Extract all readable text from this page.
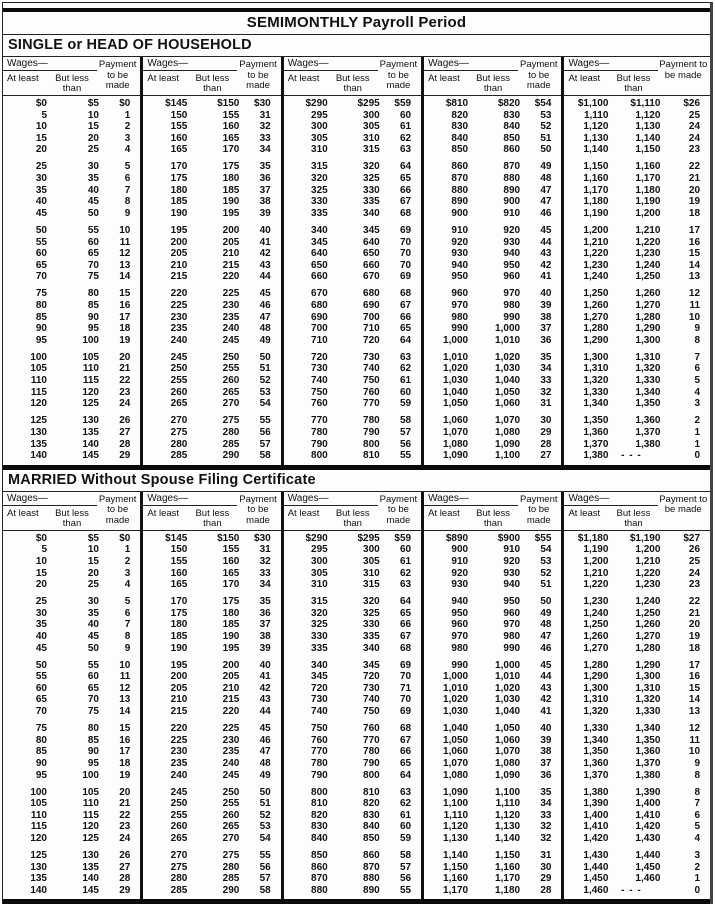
SEMIMONTHLY Payroll Period
SINGLE or HEAD OF HOUSEHOLD
Wages—
At least	But less than
Payment to be made
$0	$5	$0
5	10	1
10	15	2
15	20	3
20	25	4
25	30	5
30	35	6
35	40	7
40	45	8
45	50	9
50	55	10
55	60	11
60	65	12
65	70	13
70	75	14
75	80	15
80	85	16
85	90	17
90	95	18
95	100	19
100	105	20
105	110	21
110	115	22
115	120	23
120	125	24
125	130	26
130	135	27
135	140	28
140	145	29
Wages—
At least	But less than
Payment to be made
$145	$150	$30
150	155	31
155	160	32
160	165	33
165	170	34
170	175	35
175	180	36
180	185	37
185	190	38
190	195	39
195	200	40
200	205	41
205	210	42
210	215	43
215	220	44
220	225	45
225	230	46
230	235	47
235	240	48
240	245	49
245	250	50
250	255	51
255	260	52
260	265	53
265	270	54
270	275	55
275	280	56
280	285	57
285	290	58
Wages—
At least	But less than
Payment to be made
$290	$295	$59
295	300	60
300	305	61
305	310	62
310	315	63
315	320	64
320	325	65
325	330	66
330	335	67
335	340	68
340	345	69
345	640	70
640	650	70
650	660	70
660	670	69
670	680	68
680	690	67
690	700	66
700	710	65
710	720	64
720	730	63
730	740	62
740	750	61
750	760	60
760	770	59
770	780	58
780	790	57
790	800	56
800	810	55
Wages—
At least	But less than
Payment to be made
$810	$820	$54
820	830	53
830	840	52
840	850	51
850	860	50
860	870	49
870	880	48
880	890	47
890	900	47
900	910	46
910	920	45
920	930	44
930	940	43
940	950	42
950	960	41
960	970	40
970	980	39
980	990	38
990	1,000	37
1,000	1,010	36
1,010	1,020	35
1,020	1,030	34
1,030	1,040	33
1,040	1,050	32
1,050	1,060	31
1,060	1,070	30
1,070	1,080	29
1,080	1,090	28
1,090	1,100	27
Wages—
At least	But less than
Payment to be made
$1,100	$1,110	$26
1,110	1,120	25
1,120	1,130	24
1,130	1,140	24
1,140	1,150	23
1,150	1,160	22
1,160	1,170	21
1,170	1,180	20
1,180	1,190	19
1,190	1,200	18
1,200	1,210	17
1,210	1,220	16
1,220	1,230	15
1,230	1,240	14
1,240	1,250	13
1,250	1,260	12
1,260	1,270	11
1,270	1,280	10
1,280	1,290	9
1,290	1,300	8
1,300	1,310	7
1,310	1,320	6
1,320	1,330	5
1,330	1,340	4
1,340	1,350	3
1,350	1,360	2
1,360	1,370	1
1,370	1,380	1
1,380	- - -	0
MARRIED Without Spouse Filing Certificate
Wages—
At least	But less than
Payment to be made
$0	$5	$0
5	10	1
10	15	2
15	20	3
20	25	4
25	30	5
30	35	6
35	40	7
40	45	8
45	50	9
50	55	10
55	60	11
60	65	12
65	70	13
70	75	14
75	80	15
80	85	16
85	90	17
90	95	18
95	100	19
100	105	20
105	110	21
110	115	22
115	120	23
120	125	24
125	130	26
130	135	27
135	140	28
140	145	29
Wages—
At least	But less than
Payment to be made
$145	$150	$30
150	155	31
155	160	32
160	165	33
165	170	34
170	175	35
175	180	36
180	185	37
185	190	38
190	195	39
195	200	40
200	205	41
205	210	42
210	215	43
215	220	44
220	225	45
225	230	46
230	235	47
235	240	48
240	245	49
245	250	50
250	255	51
255	260	52
260	265	53
265	270	54
270	275	55
275	280	56
280	285	57
285	290	58
Wages—
At least	But less than
Payment to be made
$290	$295	$59
295	300	60
300	305	61
305	310	62
310	315	63
315	320	64
320	325	65
325	330	66
330	335	67
335	340	68
340	345	69
345	720	70
720	730	71
730	740	70
740	750	69
750	760	68
760	770	67
770	780	66
780	790	65
790	800	64
800	810	63
810	820	62
820	830	61
830	840	60
840	850	59
850	860	58
860	870	57
870	880	56
880	890	55
Wages—
At least	But less than
Payment to be made
$890	$900	$55
900	910	54
910	920	53
920	930	52
930	940	51
940	950	50
950	960	49
960	970	48
970	980	47
980	990	46
990	1,000	45
1,000	1,010	44
1,010	1,020	43
1,020	1,030	42
1,030	1,040	41
1,040	1,050	40
1,050	1,060	39
1,060	1,070	38
1,070	1,080	37
1,080	1,090	36
1,090	1,100	35
1,100	1,110	34
1,110	1,120	33
1,120	1,130	32
1,130	1,140	32
1,140	1,150	31
1,150	1,160	30
1,160	1,170	29
1,170	1,180	28
Wages—
At least	But less than
Payment to be made
$1,180	$1,190	$27
1,190	1,200	26
1,200	1,210	25
1,210	1,220	24
1,220	1,230	23
1,230	1,240	22
1,240	1,250	21
1,250	1,260	20
1,260	1,270	19
1,270	1,280	18
1,280	1,290	17
1,290	1,300	16
1,300	1,310	15
1,310	1,320	14
1,320	1,330	13
1,330	1,340	12
1,340	1,350	11
1,350	1,360	10
1,360	1,370	9
1,370	1,380	8
1,380	1,390	8
1,390	1,400	7
1,400	1,410	6
1,410	1,420	5
1,420	1,430	4
1,430	1,440	3
1,440	1,450	2
1,450	1,460	1
1,460	- - -	0
